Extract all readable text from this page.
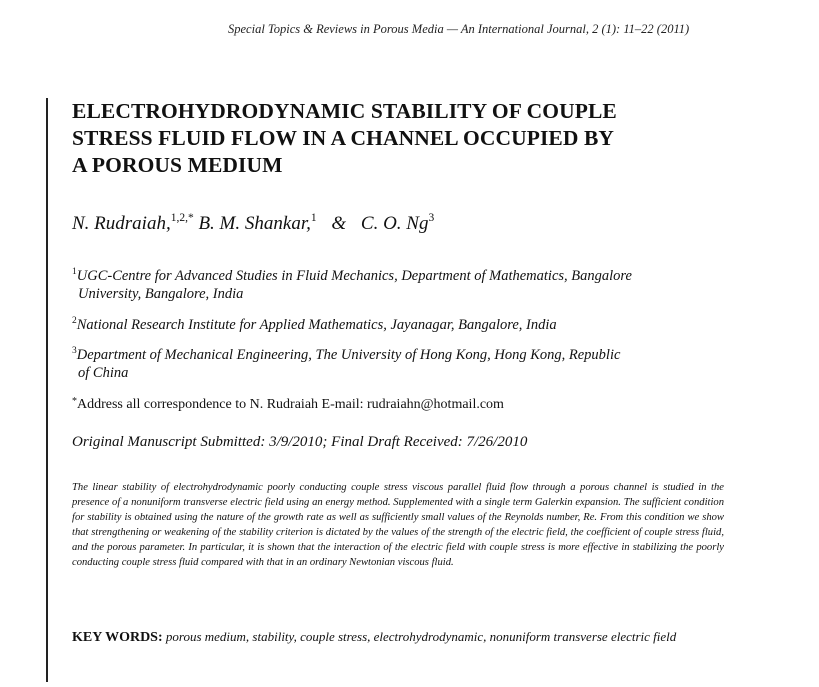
Special Topics & Reviews in Porous Media — An International Journal, 2 (1): 11–22 (2011)
ELECTROHYDRODYNAMIC STABILITY OF COUPLE
STRESS FLUID FLOW IN A CHANNEL OCCUPIED BY
A POROUS MEDIUM
N. Rudraiah,$^{1,2,*}$ B. M. Shankar,$^1$ & C. O. Ng$^3$
$^1$UGC-Centre for Advanced Studies in Fluid Mechanics, Department of Mathematics, Bangalore
University, Bangalore, India
$^2$National Research Institute for Applied Mathematics, Jayanagar, Bangalore, India
$^3$Department of Mechanical Engineering, The University of Hong Kong, Hong Kong, Republic
of China
*Address all correspondence to N. Rudraiah E-mail: rudraiahn@hotmail.com
Original Manuscript Submitted: 3/9/2010; Final Draft Received: 7/26/2010

The linear stability of electrohydrodynamic poorly conducting couple stress viscous parallel fluid flow through a porous channel is studied in the presence of a nonuniform transverse electric field using an energy method. Supplemented with a single term Galerkin expansion. The sufficient condition for stability is obtained using the nature of the growth rate as well as sufficiently small values of the Reynolds number, Re. From this condition we show that strengthening or weakening of the stability criterion is dictated by the values of the strength of the electric field, the coefficient of couple stress fluid, and the porous parameter. In particular, it is shown that the interaction of the electric field with couple stress is more effective in stabilizing the poorly conducting couple stress fluid compared with that in an ordinary Newtonian viscous fluid.

KEY WORDS: porous medium, stability, couple stress, electrohydrodynamic, nonuniform transverse electric field
